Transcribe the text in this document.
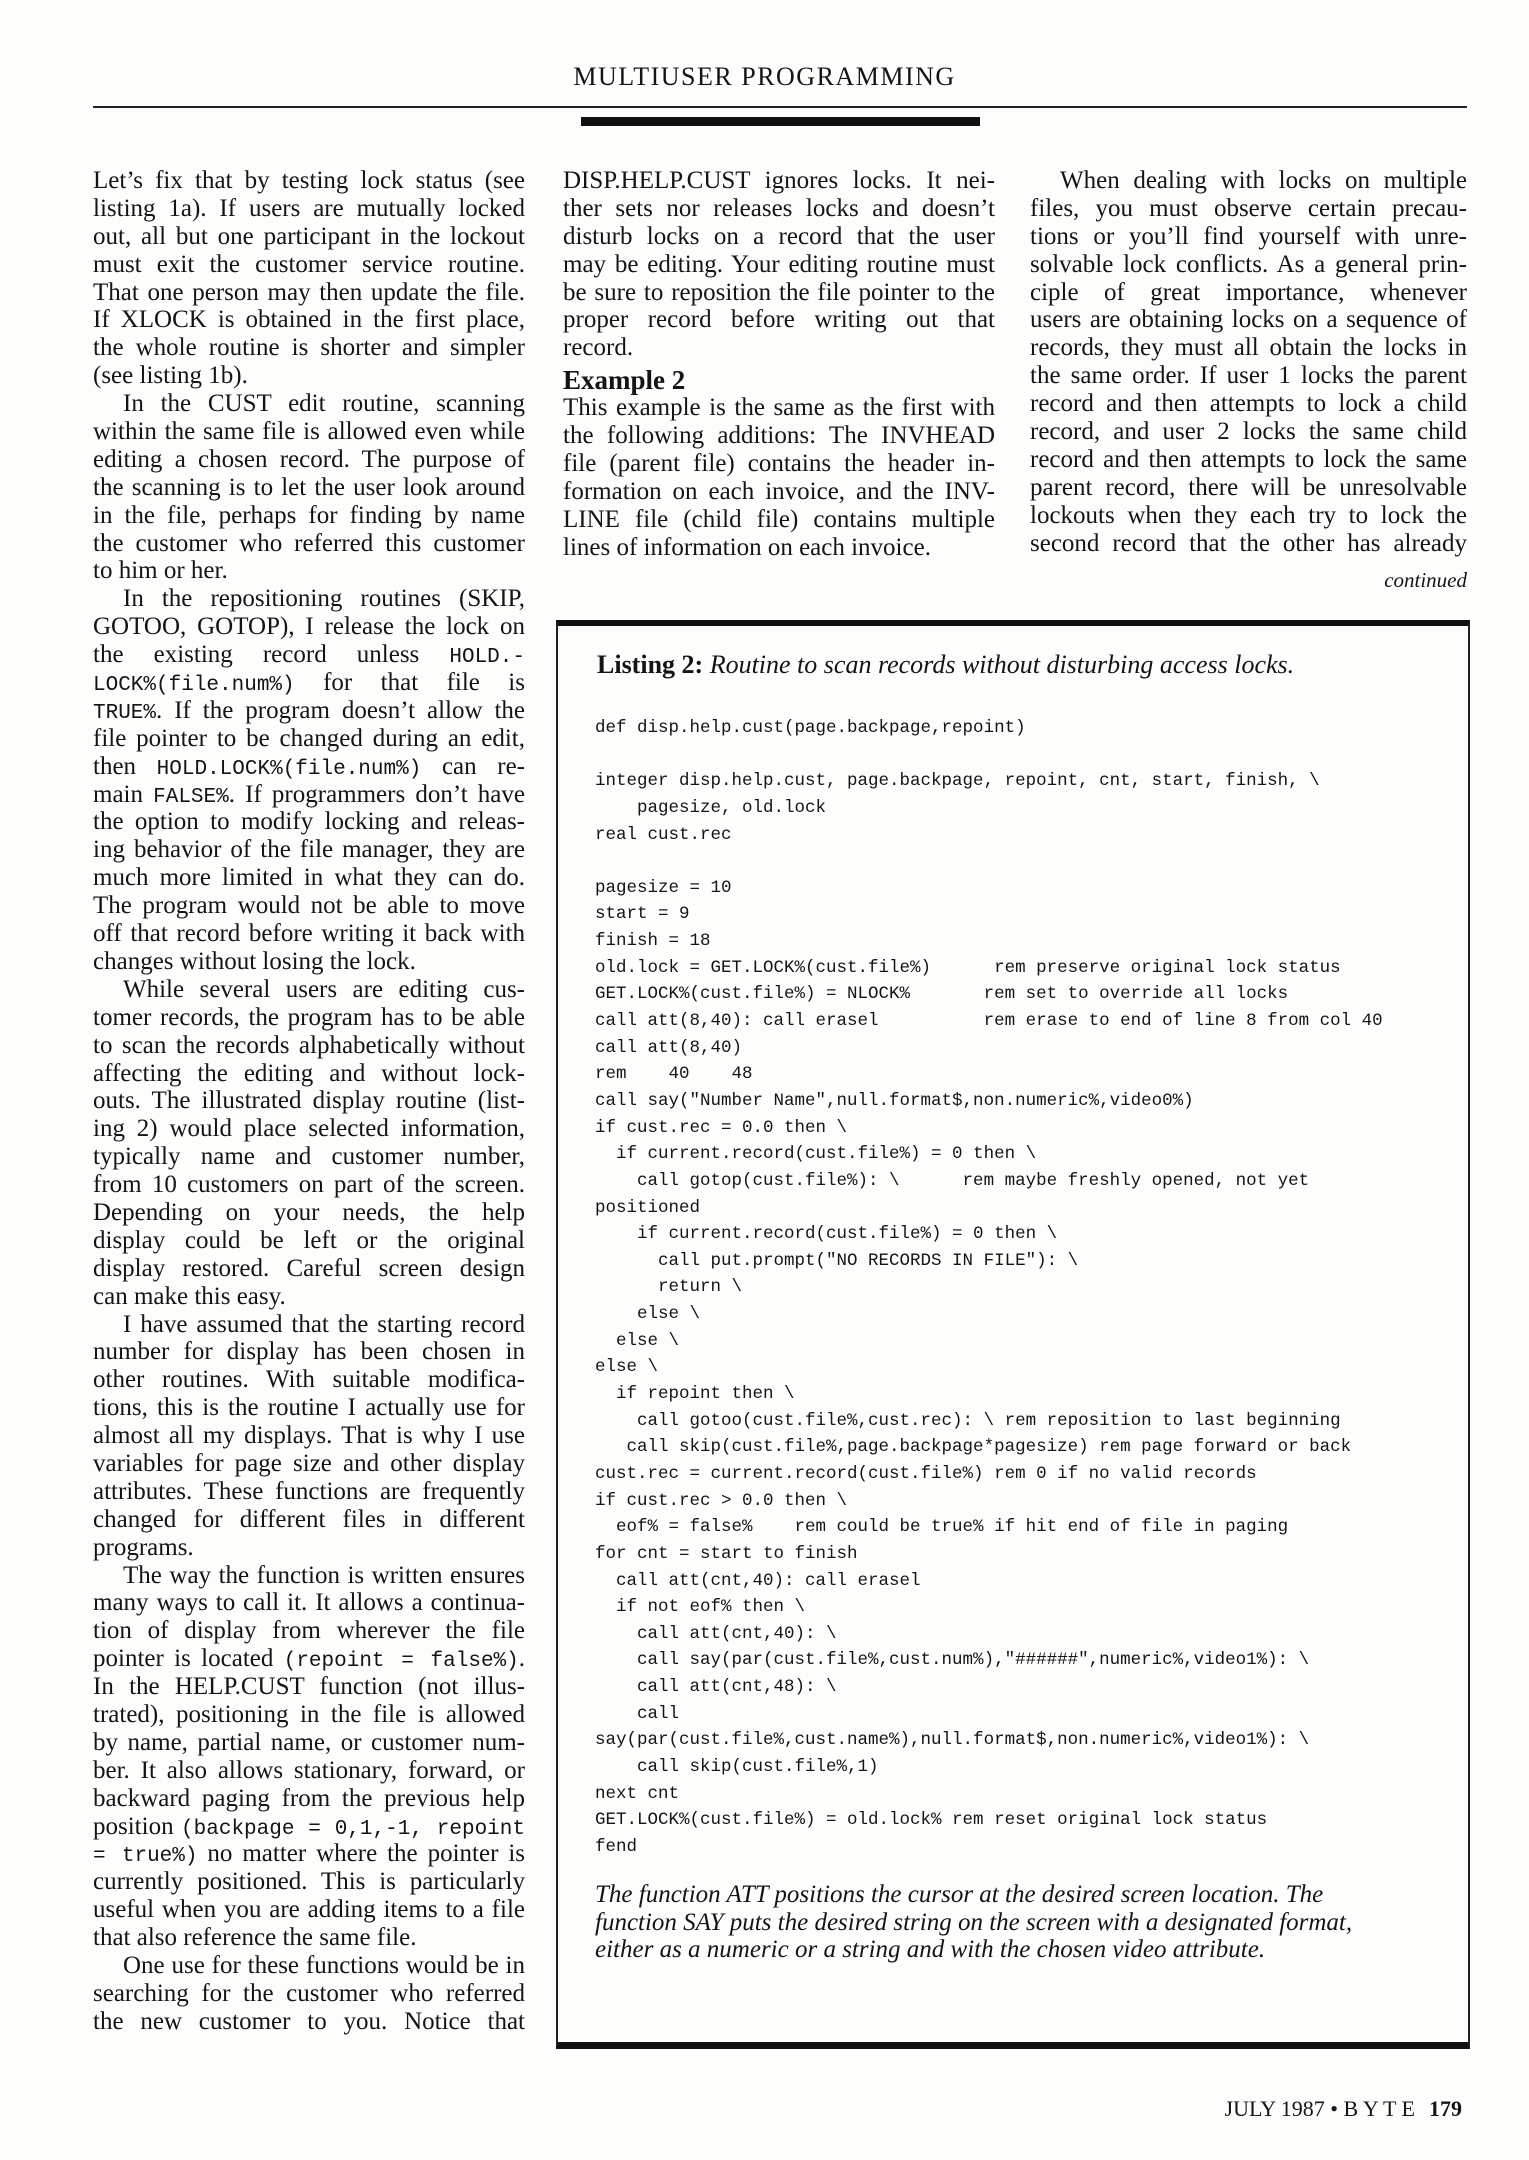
MULTIUSER PROGRAMMING
Let’s fix that by testing lock status (see
listing 1a). If users are mutually locked
out, all but one participant in the lockout
must exit the customer service routine.
That one person may then update the file.
If XLOCK is obtained in the first place,
the whole routine is shorter and simpler
(see listing 1b).
In the CUST edit routine, scanning
within the same file is allowed even while
editing a chosen record. The purpose of
the scanning is to let the user look around
in the file, perhaps for finding by name
the customer who referred this customer
to him or her.
In the repositioning routines (SKIP,
GOTOO, GOTOP), I release the lock on
the existing record unless HOLD.-
LOCK%(file.num%) for that file is
TRUE%. If the program doesn’t allow the
file pointer to be changed during an edit,
then HOLD.LOCK%(file.num%) can re-
main FALSE%. If programmers don’t have
the option to modify locking and releas-
ing behavior of the file manager, they are
much more limited in what they can do.
The program would not be able to move
off that record before writing it back with
changes without losing the lock.
While several users are editing cus-
tomer records, the program has to be able
to scan the records alphabetically without
affecting the editing and without lock-
outs. The illustrated display routine (list-
ing 2) would place selected information,
typically name and customer number,
from 10 customers on part of the screen.
Depending on your needs, the help
display could be left or the original
display restored. Careful screen design
can make this easy.
I have assumed that the starting record
number for display has been chosen in
other routines. With suitable modifica-
tions, this is the routine I actually use for
almost all my displays. That is why I use
variables for page size and other display
attributes. These functions are frequently
changed for different files in different
programs.
The way the function is written ensures
many ways to call it. It allows a continua-
tion of display from wherever the file
pointer is located (repoint = false%).
In the HELP.CUST function (not illus-
trated), positioning in the file is allowed
by name, partial name, or customer num-
ber. It also allows stationary, forward, or
backward paging from the previous help
position (backpage = 0,1,-1, repoint
= true%) no matter where the pointer is
currently positioned. This is particularly
useful when you are adding items to a file
that also reference the same file.
One use for these functions would be in
searching for the customer who referred
the new customer to you. Notice that
DISP.HELP.CUST ignores locks. It nei-
ther sets nor releases locks and doesn’t
disturb locks on a record that the user
may be editing. Your editing routine must
be sure to reposition the file pointer to the
proper record before writing out that
record.
Example 2
This example is the same as the first with
the following additions: The INVHEAD
file (parent file) contains the header in-
formation on each invoice, and the INV-
LINE file (child file) contains multiple
lines of information on each invoice.
When dealing with locks on multiple
files, you must observe certain precau-
tions or you’ll find yourself with unre-
solvable lock conflicts. As a general prin-
ciple of great importance, whenever
users are obtaining locks on a sequence of
records, they must all obtain the locks in
the same order. If user 1 locks the parent
record and then attempts to lock a child
record, and user 2 locks the same child
record and then attempts to lock the same
parent record, there will be unresolvable
lockouts when they each try to lock the
second record that the other has already
continued
Listing 2: Routine to scan records without disturbing access locks.
def disp.help.cust(page.backpage,repoint)
integer disp.help.cust, page.backpage, repoint, cnt, start, finish, \
pagesize, old.lock
real cust.rec
pagesize = 10
start = 9
finish = 18
old.lock = GET.LOCK%(cust.file%)      rem preserve original lock status
GET.LOCK%(cust.file%) = NLOCK%       rem set to override all locks
call att(8,40): call erasel          rem erase to end of line 8 from col 40
call att(8,40)
rem    40    48
call say("Number Name",null.format$,non.numeric%,video0%)
if cust.rec = 0.0 then \
if current.record(cust.file%) = 0 then \
call gotop(cust.file%): \      rem maybe freshly opened, not yet
positioned
if current.record(cust.file%) = 0 then \
call put.prompt("NO RECORDS IN FILE"): \
return \
else \
else \
else \
if repoint then \
call gotoo(cust.file%,cust.rec): \ rem reposition to last beginning
call skip(cust.file%,page.backpage*pagesize) rem page forward or back
cust.rec = current.record(cust.file%) rem 0 if no valid records
if cust.rec > 0.0 then \
eof% = false%    rem could be true% if hit end of file in paging
for cnt = start to finish
call att(cnt,40): call erasel
if not eof% then \
call att(cnt,40): \
call say(par(cust.file%,cust.num%),"######",numeric%,video1%): \
call att(cnt,48): \
call
say(par(cust.file%,cust.name%),null.format$,non.numeric%,video1%): \
call skip(cust.file%,1)
next cnt
GET.LOCK%(cust.file%) = old.lock% rem reset original lock status
fend
The function ATT positions the cursor at the desired screen location. The
function SAY puts the desired string on the screen with a designated format,
either as a numeric or a string and with the chosen video attribute.
JULY 1987 • B Y T E 179
